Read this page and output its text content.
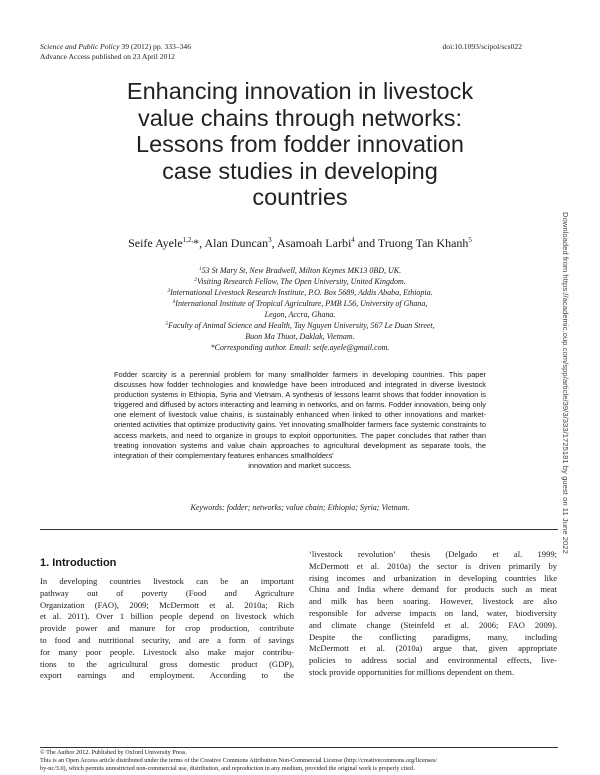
Science and Public Policy 39 (2012) pp. 333–346	doi:10.1093/scipol/scs022
Advance Access published on 23 April 2012
Enhancing innovation in livestock
value chains through networks:
Lessons from fodder innovation
case studies in developing
countries
Seife Ayele$^{1,2,}$*, Alan Duncan$^3$, Asamoah Larbi$^4$ and Truong Tan Khanh$^5$
$^1$53 St Mary St, New Bradwell, Milton Keynes MK13 0BD, UK.
$^2$Visiting Research Fellow, The Open University, United Kingdom.
$^3$International Livestock Research Institute, P.O. Box 5689, Addis Ababa, Ethiopia.
$^4$International Institute of Tropical Agriculture, PMB L56, University of Ghana,
Legon, Accra, Ghana.
$^5$Faculty of Animal Science and Health, Tay Nguyen University, 567 Le Duan Street,
Buon Ma Thuot, Daklak, Vietnam.
*Corresponding author. Email: seife.ayele@gmail.com.
Fodder scarcity is a perennial problem for many smallholder farmers in developing countries. This paper discusses how fodder technologies and knowledge have been introduced and integrated in diverse livestock production systems in Ethiopia, Syria and Vietnam. A synthesis of lessons learnt shows that fodder innovation is triggered and diffused by actors interacting and learning in networks, and on farms. Fodder innovation, being only one element of livestock value chains, is sustainably enhanced when linked to other innovations and market-oriented activities that optimize productivity gains. Yet innovating smallholder farmers face systemic constraints to access markets, and need to organize in groups to exploit opportunities. The paper concludes that rather than treating innovation systems and value chain approaches to agricultural development as separate tools, the integration of their complementary features enhances smallholders'
innovation and market success.
Keywords: fodder; networks; value chain; Ethiopia; Syria; Vietnam.
1. Introduction
In developing countries livestock can be an important
pathway out of poverty (Food and Agriculture
Organization (FAO), 2009; McDermott et al. 2010a; Rich
et al. 2011). Over 1 billion people depend on livestock which
provide power and manure for crop production, contribute
to food and nutritional security, and are a form of savings
for many poor people. Livestock also make major contribu-
tions to the agricultural gross domestic product (GDP),
export earnings and employment. According to the
‘livestock revolution’ thesis (Delgado et al. 1999;
McDermott et al. 2010a) the sector is driven primarily by
rising incomes and urbanization in developing countries like
China and India where demand for products such as meat
and milk has been soaring. However, livestock are also
responsible for adverse impacts on land, water, biodiversity
and climate change (Steinfeld et al. 2006; FAO 2009).
Despite the conflicting paradigms, many, including
McDermott et al. (2010a) argue that, given appropriate
policies to address social and environmental effects, live-
stock provide opportunities for millions dependent on them.
© The Author 2012. Published by Oxford University Press.
This is an Open Access article distributed under the terms of the Creative Commons Attribution Non-Commercial License (http://creativecommons.org/licenses/
by-nc/3.0), which permits unrestricted non-commercial use, distribution, and reproduction in any medium, provided the original work is properly cited.
Downloaded from https://academic.oup.com/spp/article/39/3/333/1725181 by guest on 11 June 2022
